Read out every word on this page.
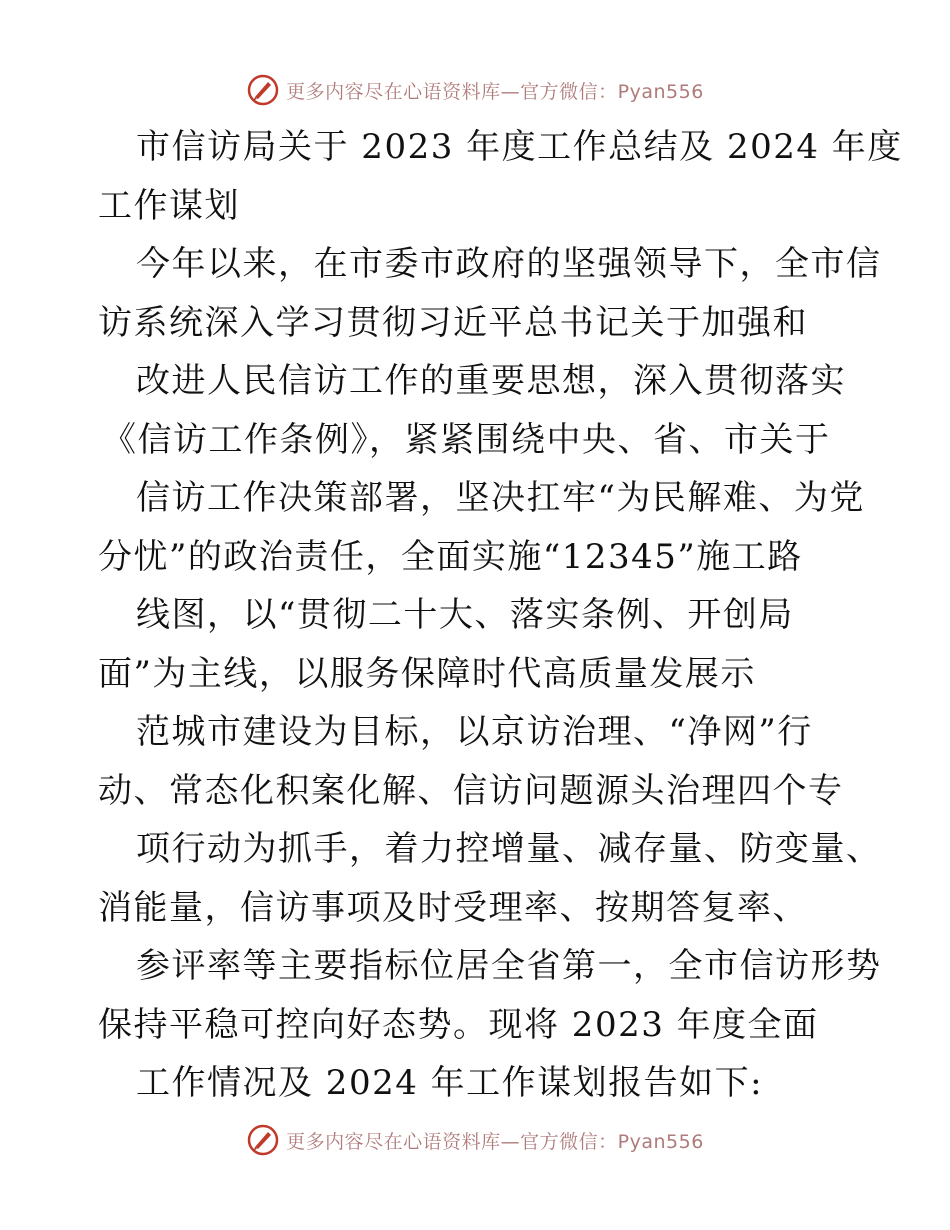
更多内容尽在心语资料库—官方微信：Pyan556
市信访局关于 2023 年度工作总结及 2024 年度
工作谋划
今年以来，在市委市政府的坚强领导下，全市信
访系统深入学习贯彻习近平总书记关于加强和
改进人民信访工作的重要思想，深入贯彻落实
《信访工作条例》，紧紧围绕中央、省、市关于
信访工作决策部署，坚决扛牢“为民解难、为党
分忧”的政治责任，全面实施“12345”施工路
线图，以“贯彻二十大、落实条例、开创局
面”为主线，以服务保障时代高质量发展示
范城市建设为目标，以京访治理、“净网”行
动、常态化积案化解、信访问题源头治理四个专
项行动为抓手，着力控增量、减存量、防变量、
消能量，信访事项及时受理率、按期答复率、
参评率等主要指标位居全省第一，全市信访形势
保持平稳可控向好态势。现将 2023 年度全面
工作情况及 2024 年工作谋划报告如下:
更多内容尽在心语资料库—官方微信：Pyan556
